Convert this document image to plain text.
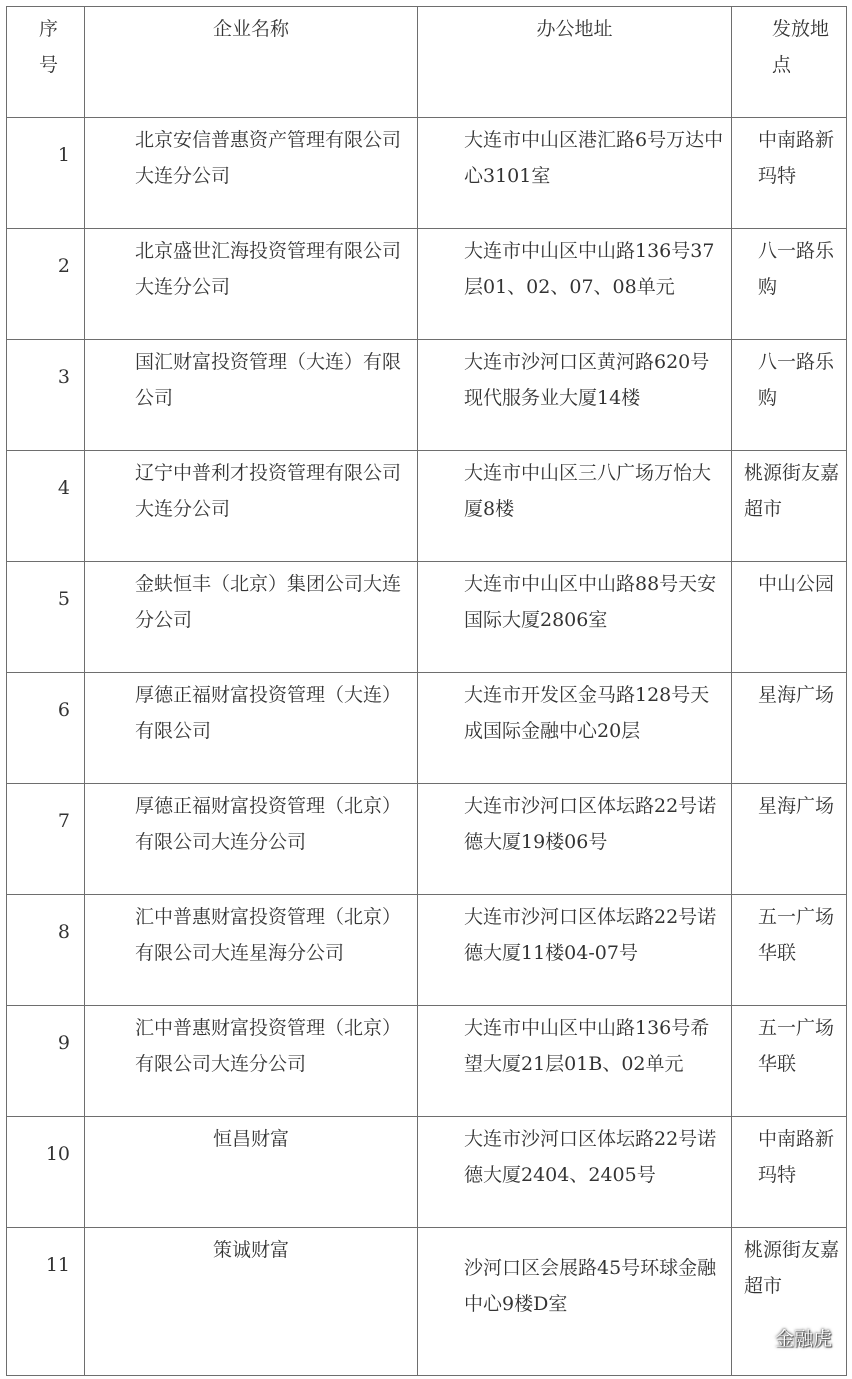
序号	企业名称	办公地址	发放地点
1	北京安信普惠资产管理有限公司大连分公司	大连市中山区港汇路6号万达中心3101室	中南路新玛特
2	北京盛世汇海投资管理有限公司大连分公司	大连市中山区中山路136号37层01、02、07、08单元	八一路乐购
3	国汇财富投资管理（大连）有限公司	大连市沙河口区黄河路620号现代服务业大厦14楼	八一路乐购
4	辽宁中普利才投资管理有限公司大连分公司	大连市中山区三八广场万怡大厦8楼	桃源街友嘉超市
5	金蚨恒丰（北京）集团公司大连分公司	大连市中山区中山路88号天安国际大厦2806室	中山公园
6	厚德正福财富投资管理（大连）有限公司	大连市开发区金马路128号天成国际金融中心20层	星海广场
7	厚德正福财富投资管理（北京）有限公司大连分公司	大连市沙河口区体坛路22号诺德大厦19楼06号	星海广场
8	汇中普惠财富投资管理（北京）有限公司大连星海分公司	大连市沙河口区体坛路22号诺德大厦11楼04-07号	五一广场华联
9	汇中普惠财富投资管理（北京）有限公司大连分公司	大连市中山区中山路136号希望大厦21层01B、02单元	五一广场华联
10	恒昌财富	大连市沙河口区体坛路22号诺德大厦2404、2405号	中南路新玛特
11	策诚财富	沙河口区会展路45号环球金融中心9楼D室	桃源街友嘉超市
金融虎
